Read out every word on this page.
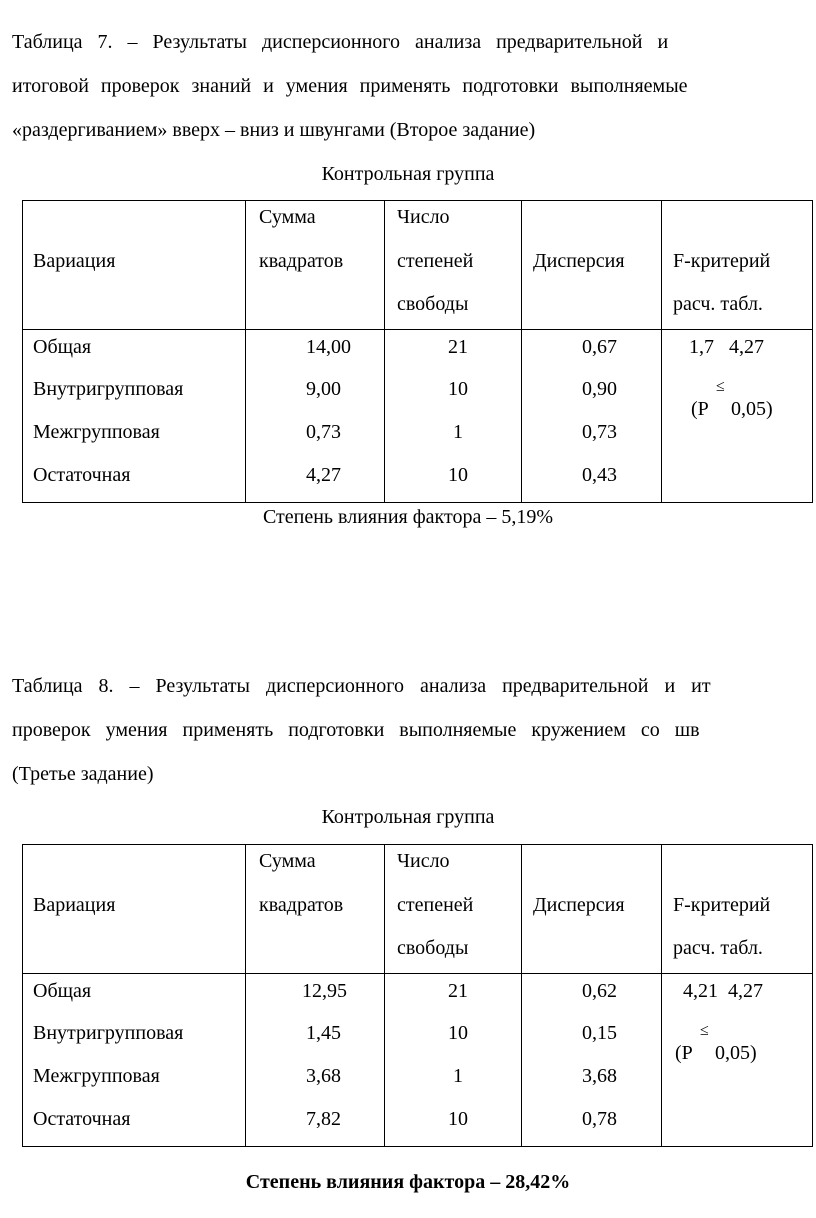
Таблица 7. – Результаты дисперсионного анализа предварительной и
итоговой проверок знаний и умения применять подготовки выполняемые
«раздергиванием» вверх – вниз и швунгами (Второе задание)
Контрольная группа
Вариация
Сумма
квадратов
Число
степеней
свободы
Дисперсия F-критерий
расч. табл.
Общая
Внутригрупповая
Межгрупповая
Остаточная
14,00
9,00
0,73
4,27
21
10
1
10
0,67
0,90
0,73
0,43
1,7   4,27
(P
≤
0,05)
Степень влияния фактора – 5,19%
Таблица 8. – Результаты дисперсионного анализа предварительной и ит
проверок умения применять подготовки выполняемые кружением со шв
(Третье задание)
Контрольная группа
Вариация
Сумма
квадратов
Число
степеней
свободы
Дисперсия F-критерий
расч. табл.
Общая
Внутригрупповая
Межгрупповая
Остаточная
12,95
1,45
3,68
7,82
21
10
1
10
0,62
0,15
3,68
0,78
4,21  4,27
(P
≤
0,05)
Степень влияния фактора – 28,42%
